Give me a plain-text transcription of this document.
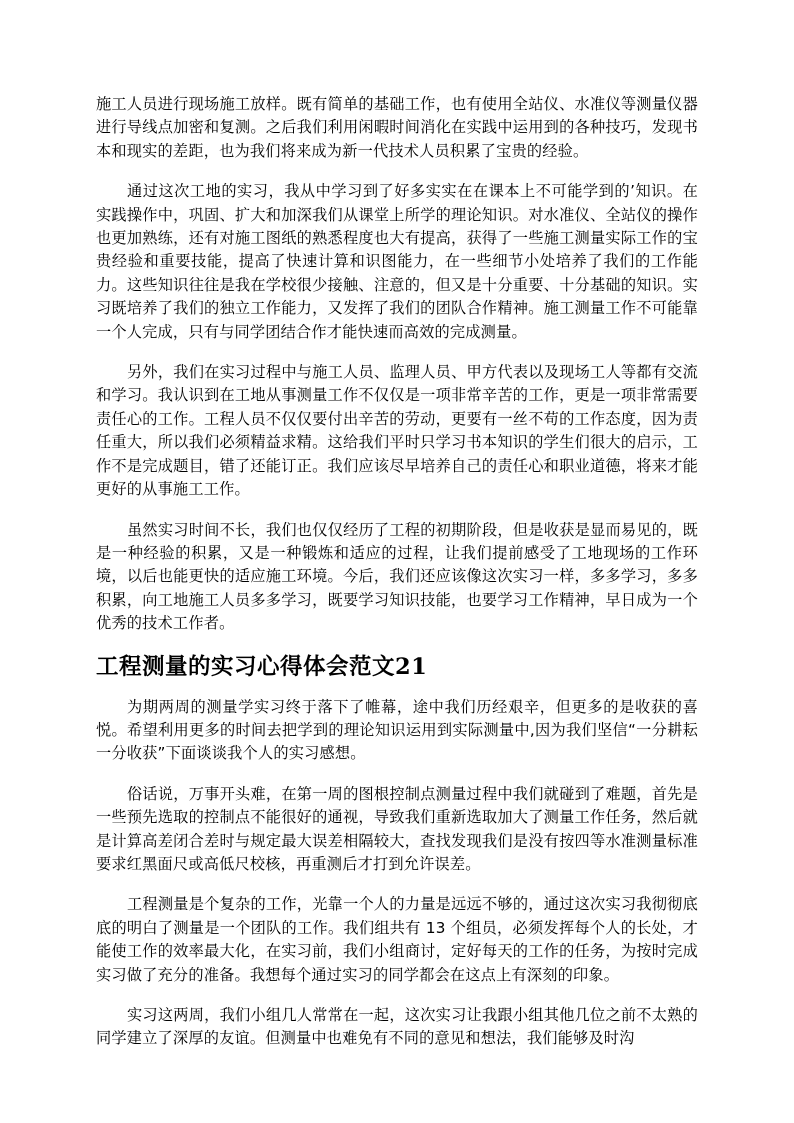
施工人员进行现场施工放样。既有简单的基础工作，也有使用全站仪、水准仪等测量仪器进行导线点加密和复测。之后我们利用闲暇时间消化在实践中运用到的各种技巧，发现书本和现实的差距，也为我们将来成为新一代技术人员积累了宝贵的经验。

通过这次工地的实习，我从中学习到了好多实实在在课本上不可能学到的’知识。在实践操作中，巩固、扩大和加深我们从课堂上所学的理论知识。对水准仪、全站仪的操作也更加熟练，还有对施工图纸的熟悉程度也大有提高，获得了一些施工测量实际工作的宝贵经验和重要技能，提高了快速计算和识图能力，在一些细节小处培养了我们的工作能力。这些知识往往是我在学校很少接触、注意的，但又是十分重要、十分基础的知识。实习既培养了我们的独立工作能力，又发挥了我们的团队合作精神。施工测量工作不可能靠一个人完成，只有与同学团结合作才能快速而高效的完成测量。

另外，我们在实习过程中与施工人员、监理人员、甲方代表以及现场工人等都有交流和学习。我认识到在工地从事测量工作不仅仅是一项非常辛苦的工作，更是一项非常需要责任心的工作。工程人员不仅仅要付出辛苦的劳动，更要有一丝不苟的工作态度，因为责任重大，所以我们必须精益求精。这给我们平时只学习书本知识的学生们很大的启示，工作不是完成题目，错了还能订正。我们应该尽早培养自己的责任心和职业道德，将来才能更好的从事施工工作。

虽然实习时间不长，我们也仅仅经历了工程的初期阶段，但是收获是显而易见的，既是一种经验的积累，又是一种锻炼和适应的过程，让我们提前感受了工地现场的工作环境，以后也能更快的适应施工环境。今后，我们还应该像这次实习一样，多多学习，多多积累，向工地施工人员多多学习，既要学习知识技能，也要学习工作精神，早日成为一个优秀的技术工作者。

工程测量的实习心得体会范文21

为期两周的测量学实习终于落下了帷幕，途中我们历经艰辛，但更多的是收获的喜悦。希望利用更多的时间去把学到的理论知识运用到实际测量中,因为我们坚信“一分耕耘一分收获”下面谈谈我个人的实习感想。

俗话说，万事开头难，在第一周的图根控制点测量过程中我们就碰到了难题，首先是一些预先选取的控制点不能很好的通视，导致我们重新选取加大了测量工作任务，然后就是计算高差闭合差时与规定最大误差相隔较大，查找发现我们是没有按四等水准测量标准要求红黑面尺或高低尺校核，再重测后才打到允许误差。

工程测量是个复杂的工作，光靠一个人的力量是远远不够的，通过这次实习我彻彻底底的明白了测量是一个团队的工作。我们组共有 13 个组员，必须发挥每个人的长处，才能使工作的效率最大化，在实习前，我们小组商讨，定好每天的工作的任务，为按时完成实习做了充分的准备。我想每个通过实习的同学都会在这点上有深刻的印象。

实习这两周，我们小组几人常常在一起，这次实习让我跟小组其他几位之前不太熟的同学建立了深厚的友谊。但测量中也难免有不同的意见和想法，我们能够及时沟
